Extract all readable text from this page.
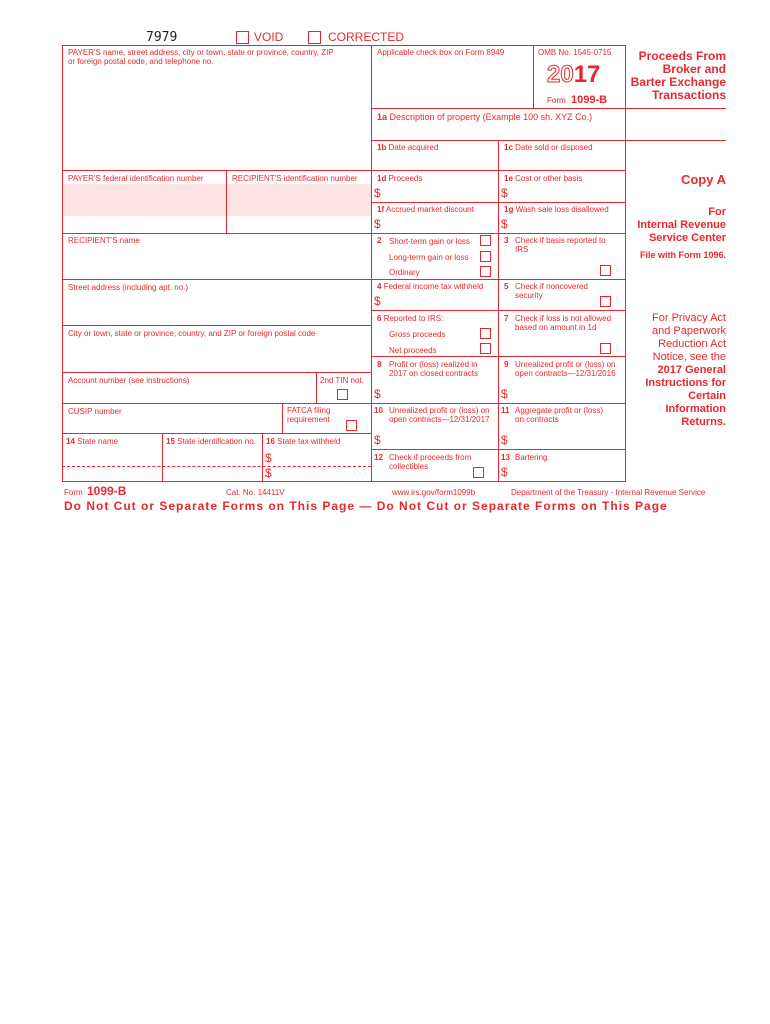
7979	VOID	CORRECTED
PAYER'S name, street address, city or town, state or province, country, ZIP
or foreign postal code, and telephone no.
PAYER'S federal identification number	RECIPIENT'S identification number
RECIPIENT'S name
Street address (including apt. no.)
City or town, state or province, country, and ZIP or foreign postal code
Account number (see instructions)	2nd TIN not.
CUSIP number	FATCA filing
requirement
14 State name	15 State identification no. 16 State tax withheld
$
$
Applicable check box on Form 8949	OMB No. 1545-0715
2017
Form 1099-B
Proceeds From
Broker and
Barter Exchange
Transactions
1a Description of property (Example 100 sh. XYZ Co.)
1b Date acquired	1c Date sold or disposed
1d Proceeds
$
1e Cost or other basis
$
1f Accrued market discount
$
1g Wash sale loss disallowed
$
2 Short-term gain or loss
Long-term gain or loss
Ordinary
3 Check if basis reported to
IRS
4 Federal income tax withheld
$
5 Check if noncovered
security
6 Reported to IRS:
Gross proceeds
Net proceeds
7 Check if loss is not allowed
based on amount in 1d
8 Profit or (loss) realized in
2017 on closed contracts
$
9 Unrealized profit or (loss) on
open contracts—12/31/2016
$
10 Unrealized profit or (loss) on
open contracts—12/31/2017
$
11 Aggregate profit or (loss)
on contracts
$
12 Check if proceeds from
collectibles
13 Bartering
$
Copy A
For
Internal Revenue
Service Center
File with Form 1096.
For Privacy Act
and Paperwork
Reduction Act
Notice, see the
2017 General
Instructions for
Certain
Information
Returns.
Form 1099-B	Cat. No. 14411V	www.irs.gov/form1099b	Department of the Treasury - Internal Revenue Service
Do Not Cut or Separate Forms on This Page — Do Not Cut or Separate Forms on This Page
